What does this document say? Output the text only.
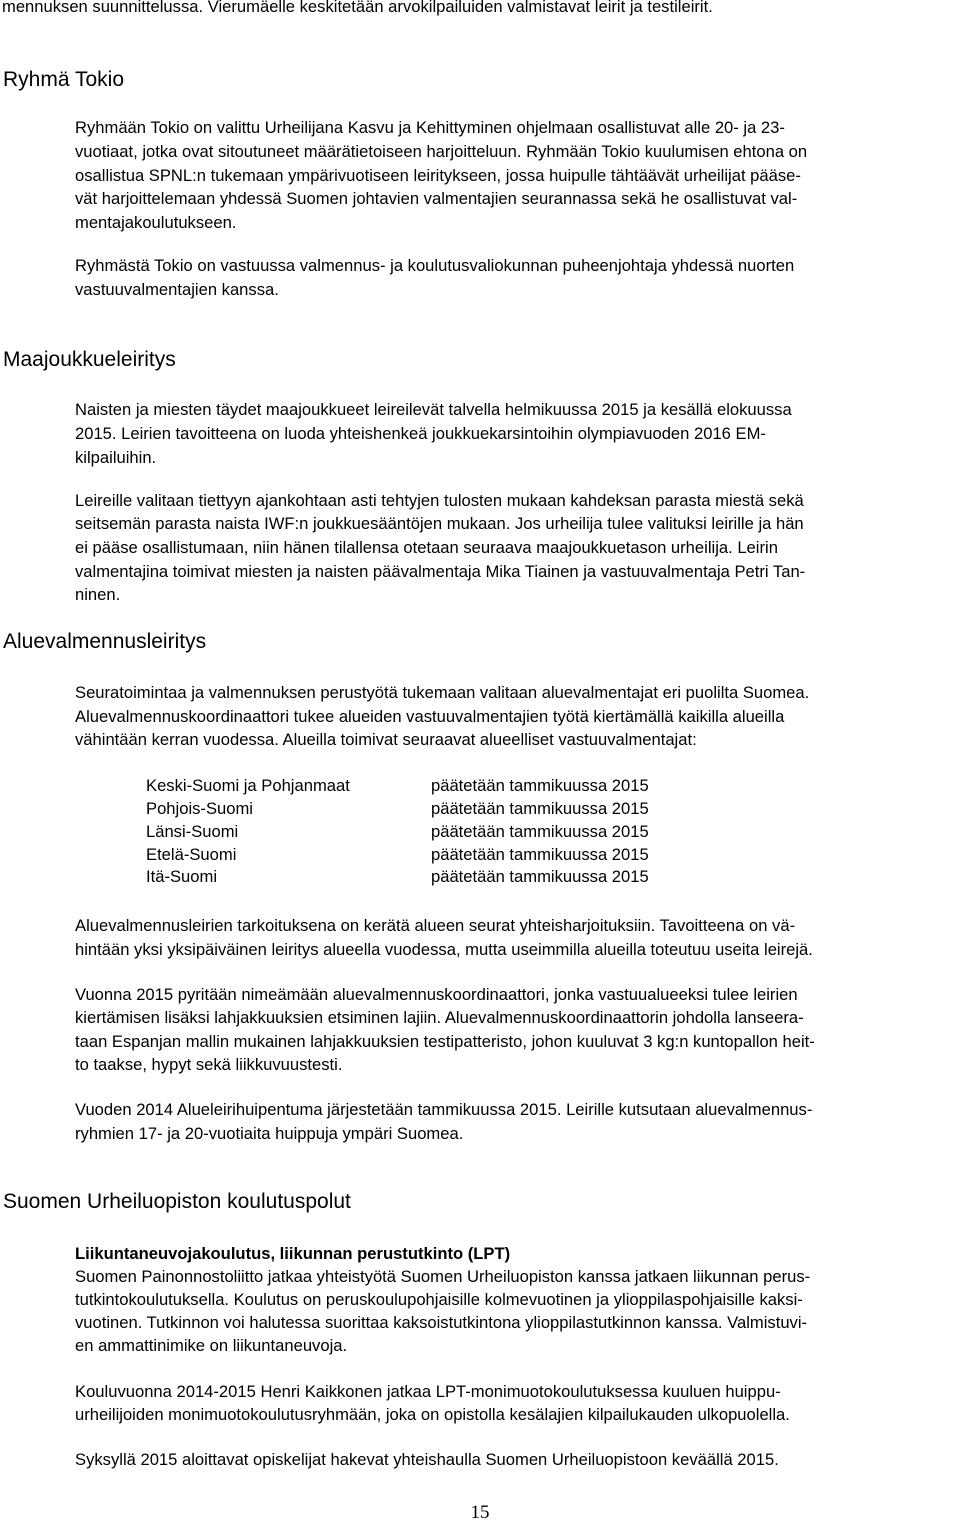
mennuksen suunnittelussa. Vierumäelle keskitetään arvokilpailuiden valmistavat leirit ja testileirit.
Ryhmä Tokio
Ryhmään Tokio on valittu Urheilijana Kasvu ja Kehittyminen ohjelmaan osallistuvat alle 20- ja 23-
vuotiaat, jotka ovat sitoutuneet määrätietoiseen harjoitteluun. Ryhmään Tokio kuulumisen ehtona on
osallistua SPNL:n tukemaan ympärivuotiseen leiritykseen, jossa huipulle tähtäävät urheilijat pääse-
vät harjoittelemaan yhdessä Suomen johtavien valmentajien seurannassa sekä he osallistuvat val-
mentajakoulutukseen.
Ryhmästä Tokio on vastuussa valmennus- ja koulutusvaliokunnan puheenjohtaja yhdessä nuorten
vastuuvalmentajien kanssa.
Maajoukkueleiritys
Naisten ja miesten täydet maajoukkueet leireilevät talvella helmikuussa 2015 ja kesällä elokuussa
2015. Leirien tavoitteena on luoda yhteishenkeä joukkuekarsintoihin olympiavuoden 2016 EM-
kilpailuihin.
Leireille valitaan tiettyyn ajankohtaan asti tehtyjen tulosten mukaan kahdeksan parasta miestä sekä
seitsemän parasta naista IWF:n joukkuesääntöjen mukaan. Jos urheilija tulee valituksi leirille ja hän
ei pääse osallistumaan, niin hänen tilallensa otetaan seuraava maajoukkuetason urheilija. Leirin
valmentajina toimivat miesten ja naisten päävalmentaja Mika Tiainen ja vastuuvalmentaja Petri Tan-
ninen.
Aluevalmennusleiritys
Seuratoimintaa ja valmennuksen perustyötä tukemaan valitaan aluevalmentajat eri puolilta Suomea.
Aluevalmennuskoordinaattori tukee alueiden vastuuvalmentajien työtä kiertämällä kaikilla alueilla
vähintään kerran vuodessa. Alueilla toimivat seuraavat alueelliset vastuuvalmentajat:
Keski-Suomi ja Pohjanmaat	päätetään tammikuussa 2015
Pohjois-Suomi	päätetään tammikuussa 2015
Länsi-Suomi	päätetään tammikuussa 2015
Etelä-Suomi	päätetään tammikuussa 2015
Itä-Suomi	päätetään tammikuussa 2015
Aluevalmennusleirien tarkoituksena on kerätä alueen seurat yhteisharjoituksiin. Tavoitteena on vä-
hintään yksi yksipäiväinen leiritys alueella vuodessa, mutta useimmilla alueilla toteutuu useita leirejä.
Vuonna 2015 pyritään nimeämään aluevalmennuskoordinaattori, jonka vastuualueeksi tulee leirien
kiertämisen lisäksi lahjakkuuksien etsiminen lajiin. Aluevalmennuskoordinaattorin johdolla lanseera-
taan Espanjan mallin mukainen lahjakkuuksien testipatteristo, johon kuuluvat 3 kg:n kuntopallon heit-
to taakse, hypyt sekä liikkuvuustesti.
Vuoden 2014 Alueleirihuipentuma järjestetään tammikuussa 2015. Leirille kutsutaan aluevalmennus-
ryhmien 17- ja 20-vuotiaita huippuja ympäri Suomea.
Suomen Urheiluopiston koulutuspolut
Liikuntaneuvojakoulutus, liikunnan perustutkinto (LPT)
Suomen Painonnostoliitto jatkaa yhteistyötä Suomen Urheiluopiston kanssa jatkaen liikunnan perus-
tutkintokoulutuksella. Koulutus on peruskoulupohjaisille kolmevuotinen ja ylioppilaspohjaisille kaksi-
vuotinen. Tutkinnon voi halutessa suorittaa kaksoistutkintona ylioppilastutkinnon kanssa. Valmistuvi-
en ammattinimike on liikuntaneuvoja.
Kouluvuonna 2014-2015 Henri Kaikkonen jatkaa LPT-monimuotokoulutuksessa kuuluen huippu-
urheilijoiden monimuotokoulutusryhmään, joka on opistolla kesälajien kilpailukauden ulkopuolella.
Syksyllä 2015 aloittavat opiskelijat hakevat yhteishaulla Suomen Urheiluopistoon keväällä 2015.
15
